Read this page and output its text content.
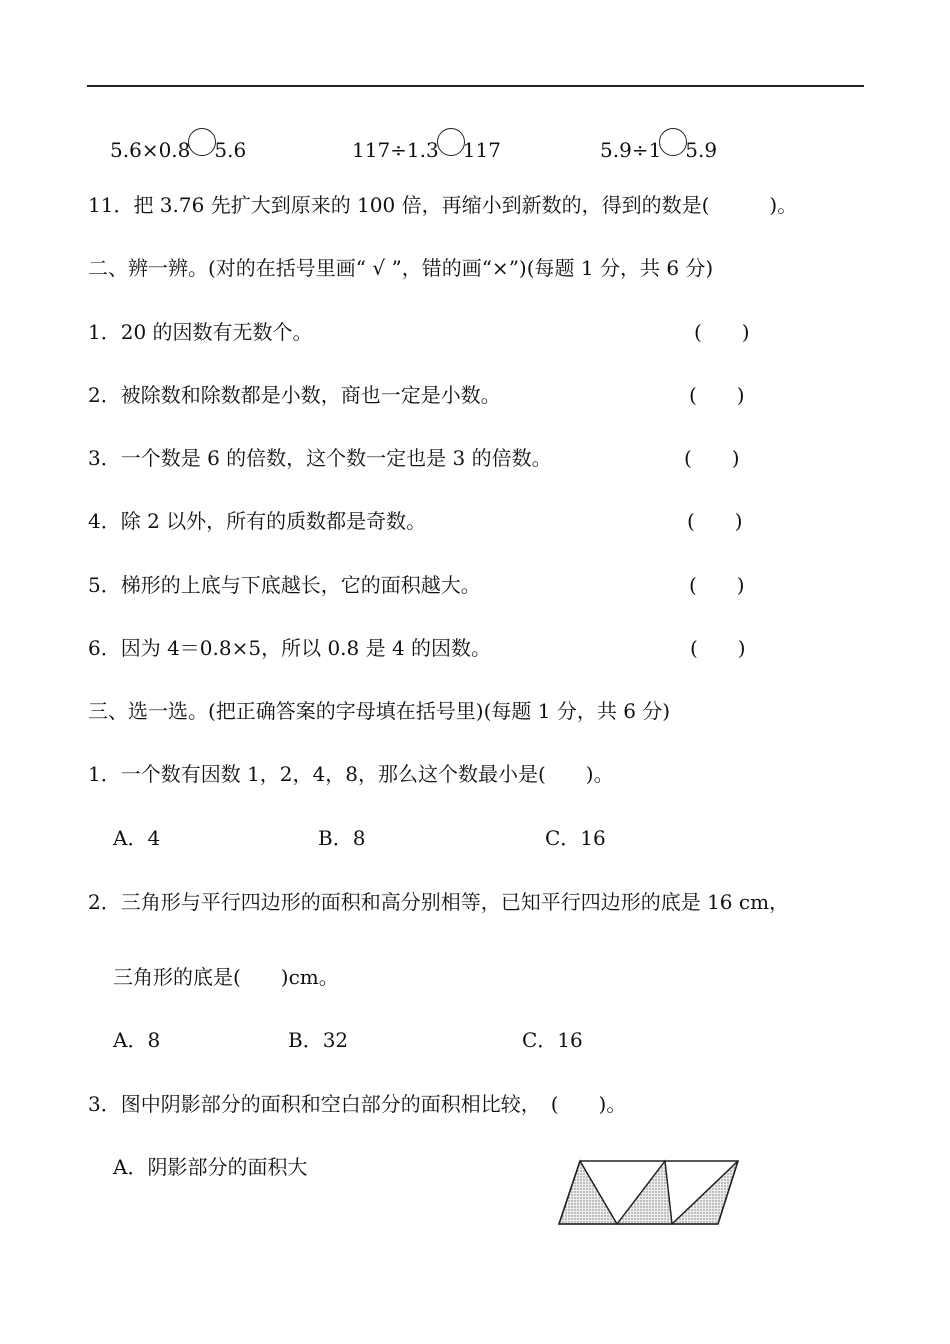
5.6×0.8 5.6	117÷1.3 117	5.9÷1 5.9
11．把 3.76 先扩大到原来的 100 倍，再缩小到新数的，得到的数是(　　　)。
二、辨一辨。(对的在括号里画“ √ ”，错的画“×”)(每题 1 分，共 6 分)
1．20 的因数有无数个。	(　　)
2．被除数和除数都是小数，商也一定是小数。	(　　)
3．一个数是 6 的倍数，这个数一定也是 3 的倍数。	(　　)
4．除 2 以外，所有的质数都是奇数。	(　　)
5．梯形的上底与下底越长，它的面积越大。	(　　)
6．因为 4＝0.8×5，所以 0.8 是 4 的因数。	(　　)
三、选一选。(把正确答案的字母填在括号里)(每题 1 分，共 6 分)
1．一个数有因数 1，2，4，8，那么这个数最小是(　　)。
A．4	B．8	C．16
2．三角形与平行四边形的面积和高分别相等，已知平行四边形的底是 16 cm，
三角形的底是(　　)cm。
A．8	B．32	C．16
3．图中阴影部分的面积和空白部分的面积相比较，　(　　)。
A．阴影部分的面积大
